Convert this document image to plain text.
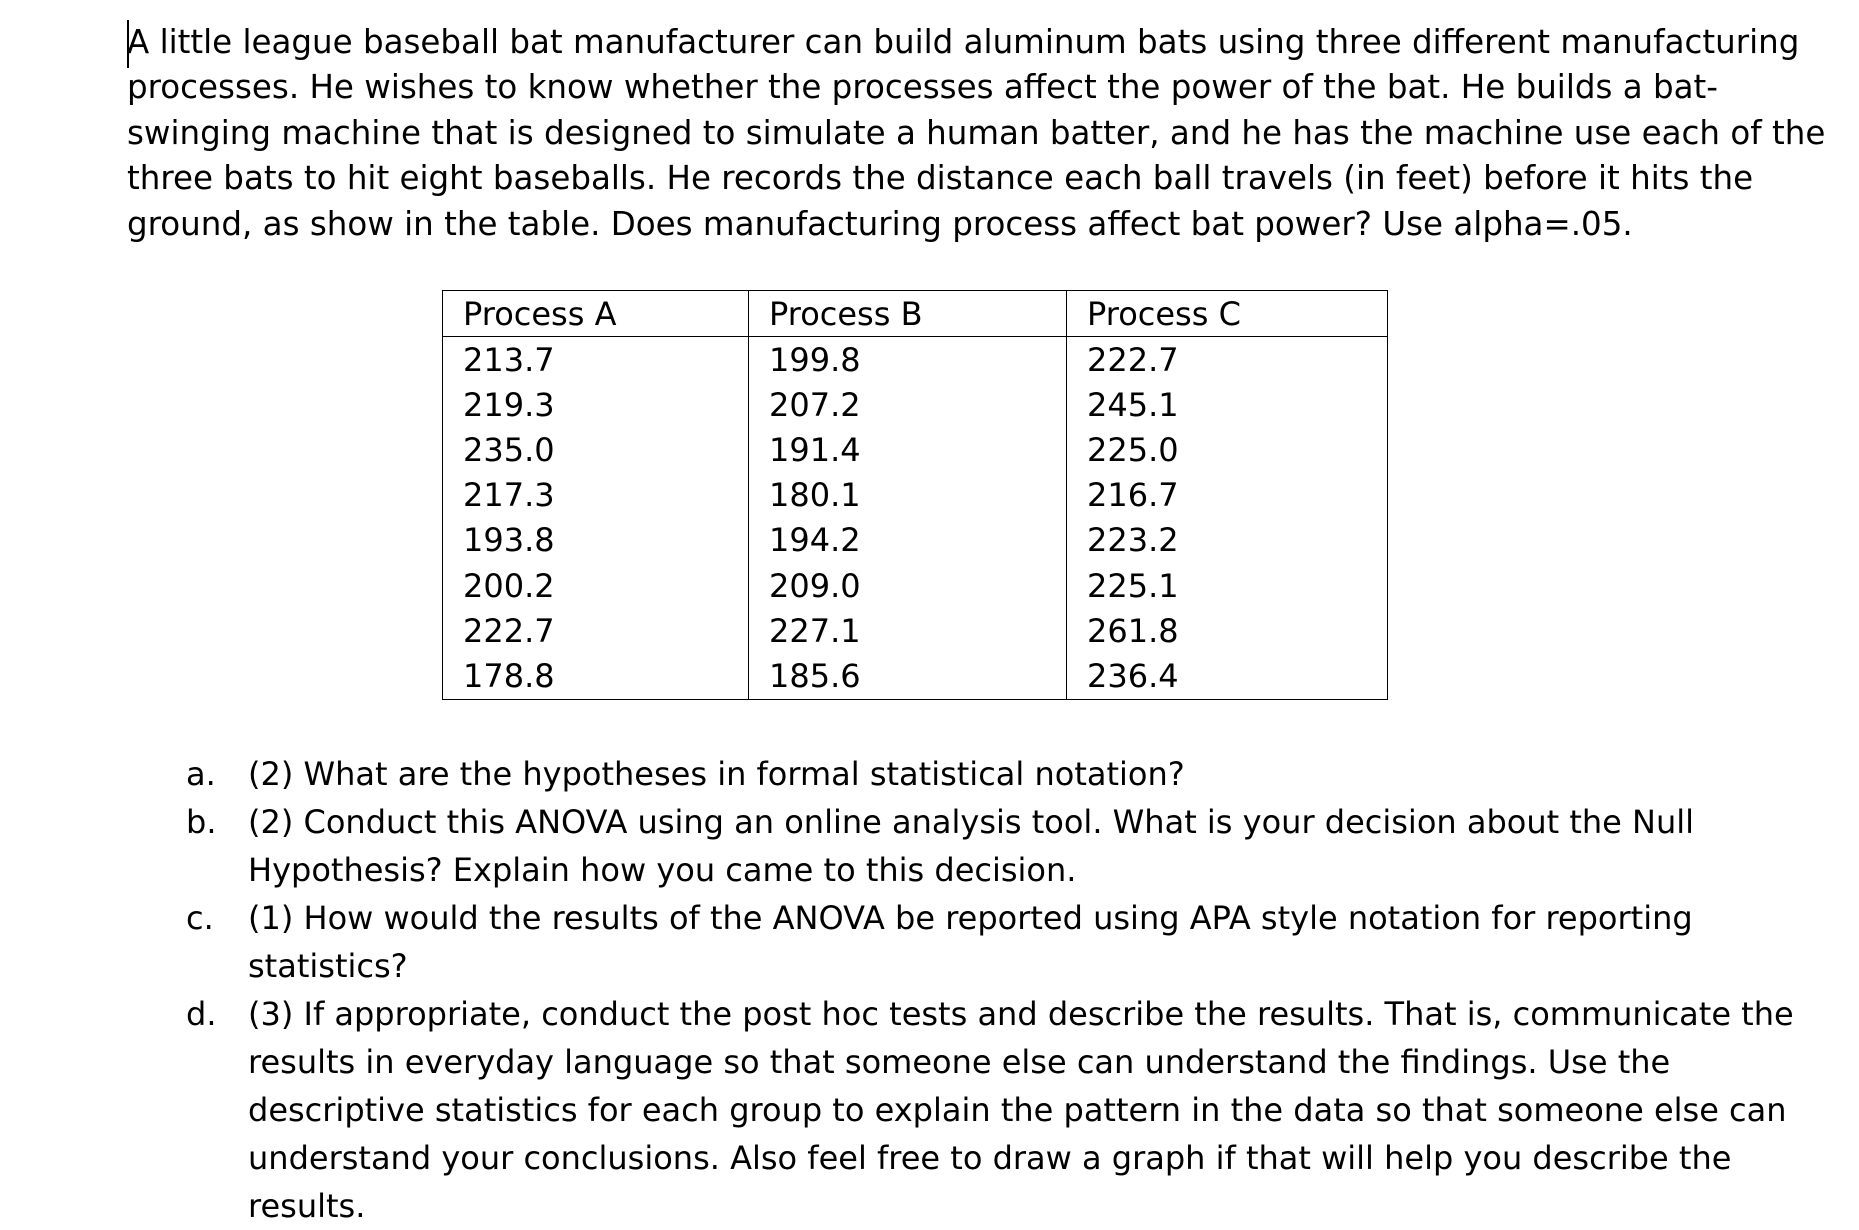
A little league baseball bat manufacturer can build aluminum bats using three different manufacturing
processes. He wishes to know whether the processes affect the power of the bat. He builds a bat-
swinging machine that is designed to simulate a human batter, and he has the machine use each of the
three bats to hit eight baseballs. He records the distance each ball travels (in feet) before it hits the
ground, as show in the table. Does manufacturing process affect bat power? Use alpha=.05.

Process A	Process B	Process C
213.7	199.8	222.7
219.3	207.2	245.1
235.0	191.4	225.0
217.3	180.1	216.7
193.8	194.2	223.2
200.2	209.0	225.1
222.7	227.1	261.8
178.8	185.6	236.4
a. (2) What are the hypotheses in formal statistical notation?
b. (2) Conduct this ANOVA using an online analysis tool. What is your decision about the Null
Hypothesis? Explain how you came to this decision.
c. (1) How would the results of the ANOVA be reported using APA style notation for reporting
statistics?
d. (3) If appropriate, conduct the post hoc tests and describe the results. That is, communicate the
results in everyday language so that someone else can understand the findings. Use the
descriptive statistics for each group to explain the pattern in the data so that someone else can
understand your conclusions. Also feel free to draw a graph if that will help you describe the
results.
